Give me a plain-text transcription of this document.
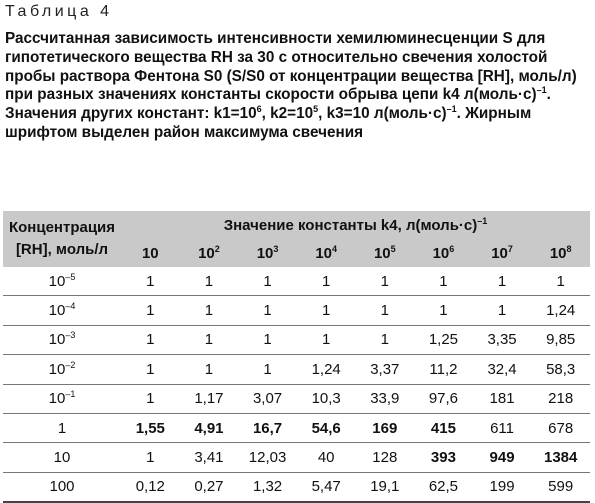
Таблица 4
Рассчитанная зависимость интенсивности хемилюминесценции S для гипотетического вещества RH за 30 с относительно свечения холостой пробы раствора Фентона S0 (S/S0 от концентрации вещества [RH], моль/л) при разных значениях константы скорости обрыва цепи k4 л(моль·с)$^{-1}$. Значения других констант: $k1=10^6$, $k2=10^5$, k3=10 л(моль·с)$^{-1}$. Жирным шрифтом выделен район максимума свечения
Концентрация
[RH], моль/л	Значение константы k4, л(моль·с)$^{-1}$
	10	$10^2$	$10^3$	$10^4$	$10^5$	$10^6$	$10^7$	$10^8$
$10^{-5}$	1	1	1	1	1	1	1	1
$10^{-4}$	1	1	1	1	1	1	1	1,24
$10^{-3}$	1	1	1	1	1	1,25	3,35	9,85
$10^{-2}$	1	1	1	1,24	3,37	11,2	32,4	58,3
$10^{-1}$	1	1,17	3,07	10,3	33,9	97,6	181	218
1	1,55	4,91	16,7	54,6	169	415	611	678
10	1	3,41	12,03	40	128	393	949	1384
100	0,12	0,27	1,32	5,47	19,1	62,5	199	599
